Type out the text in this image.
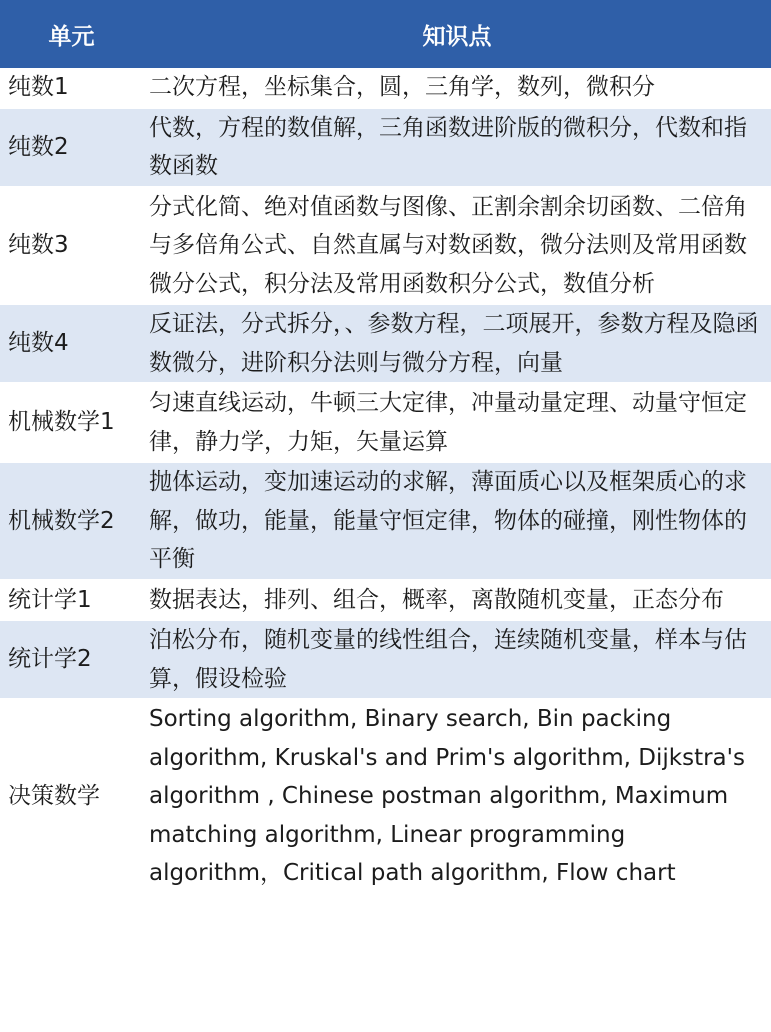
单元	知识点
纯数1	二次方程，坐标集合，圆，三角学，数列，微积分
纯数2	代数，方程的数值解，三角函数进阶版的微积分，代数和指数函数
纯数3	分式化简、绝对值函数与图像、正割余割余切函数、二倍角与多倍角公式、自然直属与对数函数，微分法则及常用函数微分公式，积分法及常用函数积分公式，数值分析
纯数4	反证法，分式拆分，、参数方程，二项展开，参数方程及隐函数微分，进阶积分法则与微分方程，向量
机械数学1	匀速直线运动，牛顿三大定律，冲量动量定理、动量守恒定律，静力学，力矩，矢量运算
机械数学2	抛体运动，变加速运动的求解，薄面质心以及框架质心的求解，做功，能量，能量守恒定律，物体的碰撞，刚性物体的平衡
统计学1	数据表达，排列、组合，概率，离散随机变量，正态分布
统计学2	泊松分布，随机变量的线性组合，连续随机变量，样本与估算，假设检验
决策数学	Sorting algorithm, Binary search, Bin packing algorithm, Kruskal's and Prim's algorithm, Dijkstra's algorithm , Chinese postman algorithm, Maximum matching algorithm, Linear programming algorithm，Critical path algorithm, Flow chart
